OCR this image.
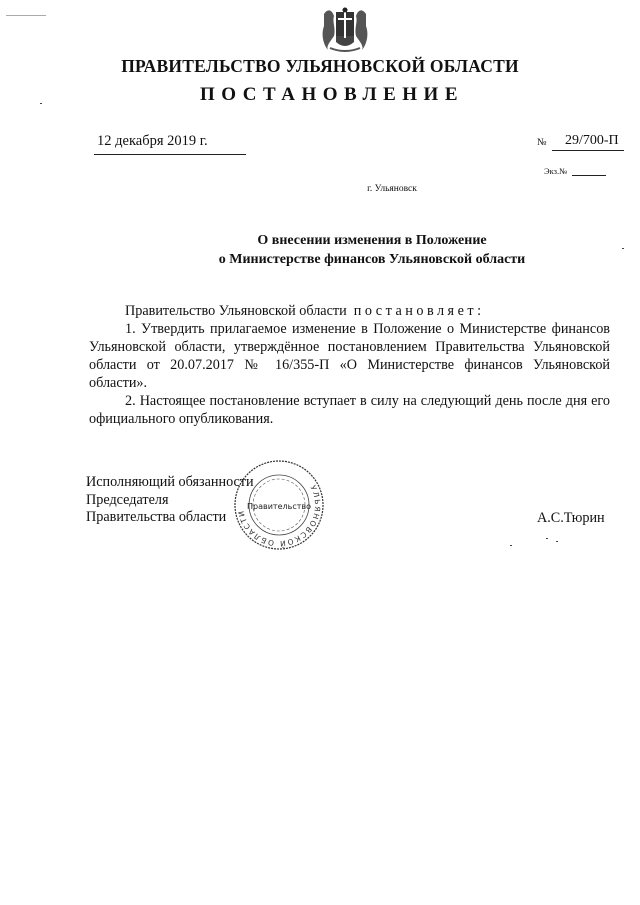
ПРАВИТЕЛЬСТВО УЛЬЯНОВСКОЙ ОБЛАСТИ
ПОСТАНОВЛЕНИЕ
12 декабря 2019 г.	№ 29/700-П
Экз.№
г. Ульяновск
О внесении изменения в Положение
о Министерстве финансов Ульяновской области

Правительство Ульяновской области постановляет:

1. Утвердить прилагаемое изменение в Положение о Министерстве финансов Ульяновской области, утверждённое постановлением Правительства Ульяновской области от 20.07.2017 № 16/355-П «О Министерстве финансов Ульяновской области».

2. Настоящее постановление вступает в силу на следующий день после дня его официального опубликования.

Исполняющий обязанности
Председателя
Правительства области
УЛЬЯНОВСКОЙ ОБЛАСТИ
Правительство
А.С.Тюрин
